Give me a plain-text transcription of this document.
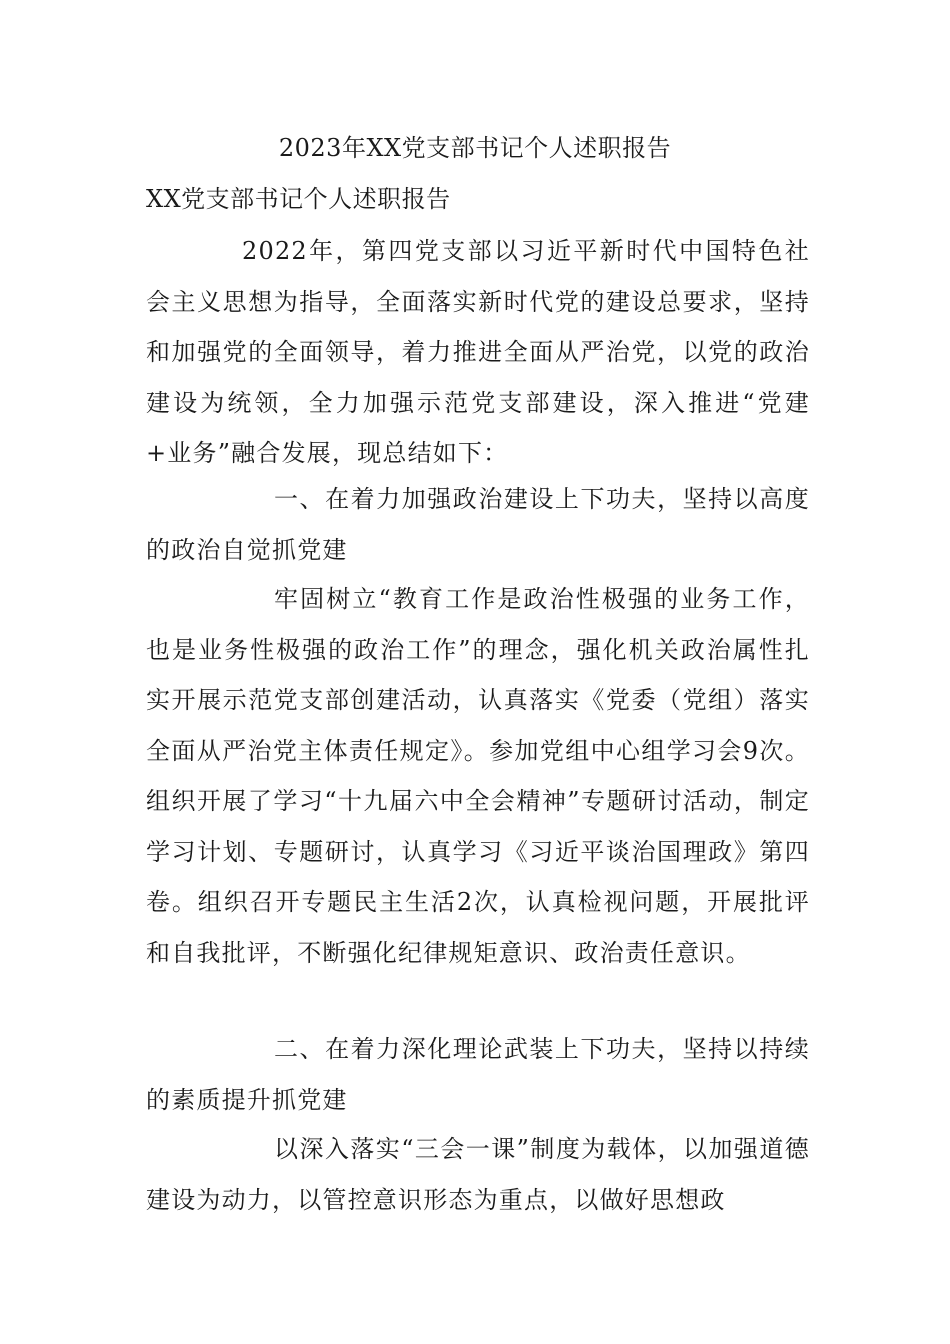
2023年XX党支部书记个人述职报告

XX党支部书记个人述职报告

2022年，第四党支部以习近平新时代中国特色社会主义思想为指导，全面落实新时代党的建设总要求，坚持和加强党的全面领导，着力推进全面从严治党，以党的政治建设为统领，全力加强示范党支部建设，深入推进“党建+业务”融合发展，现总结如下：

一、在着力加强政治建设上下功夫，坚持以高度的政治自觉抓党建

牢固树立“教育工作是政治性极强的业务工作，也是业务性极强的政治工作”的理念，强化机关政治属性扎实开展示范党支部创建活动，认真落实《党委（党组）落实全面从严治党主体责任规定》。参加党组中心组学习会9次。组织开展了学习“十九届六中全会精神”专题研讨活动，制定学习计划、专题研讨，认真学习《习近平谈治国理政》第四卷。组织召开专题民主生活2次，认真检视问题，开展批评和自我批评，不断强化纪律规矩意识、政治责任意识。

二、在着力深化理论武装上下功夫，坚持以持续的素质提升抓党建

以深入落实“三会一课”制度为载体，以加强道德建设为动力，以管控意识形态为重点，以做好思想政
